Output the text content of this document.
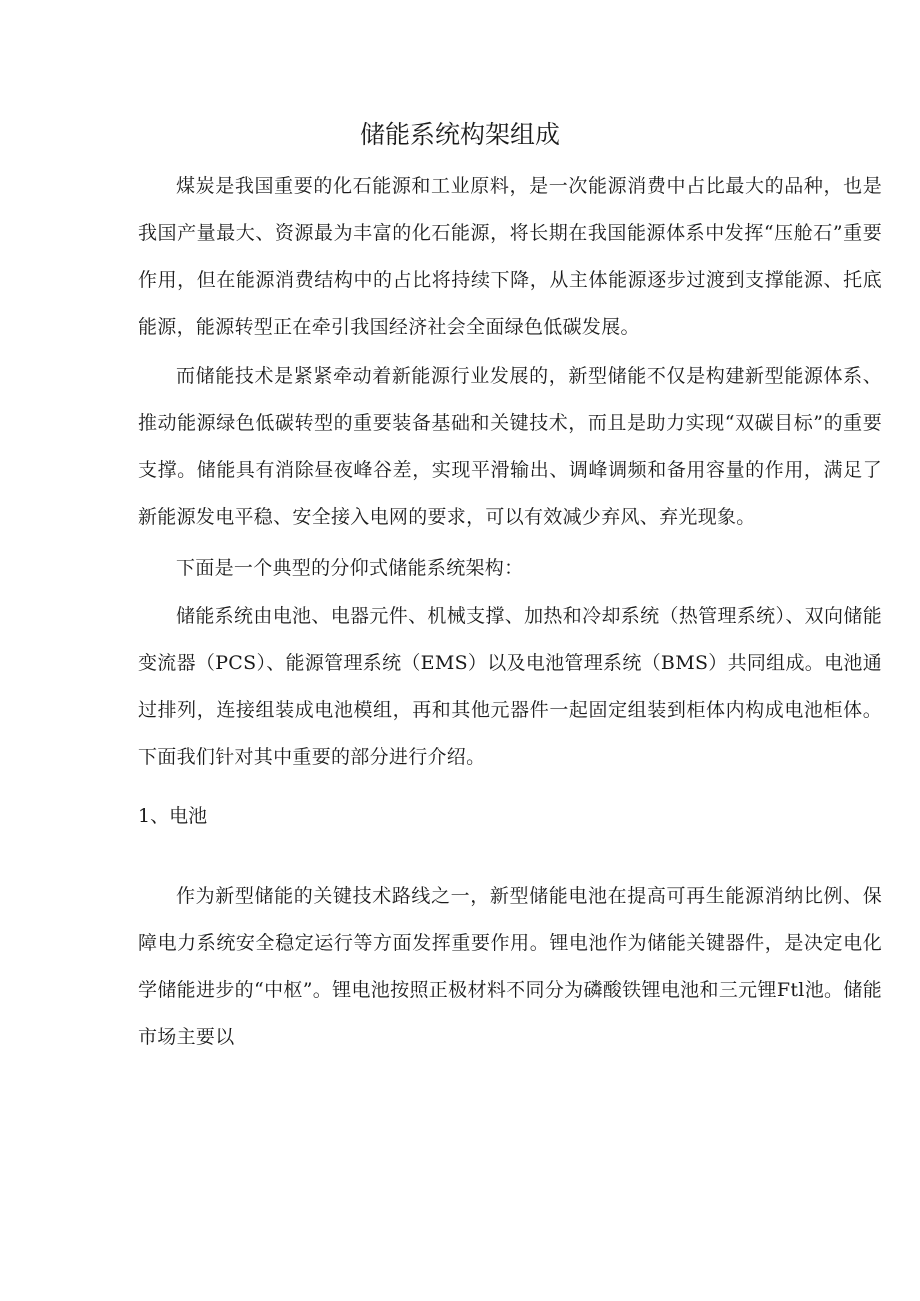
储能系统构架组成

煤炭是我国重要的化石能源和工业原料，是一次能源消费中占比最大的品种，也是我国产量最大、资源最为丰富的化石能源，将长期在我国能源体系中发挥“压舱石”重要作用，但在能源消费结构中的占比将持续下降，从主体能源逐步过渡到支撑能源、托底能源，能源转型正在牵引我国经济社会全面绿色低碳发展。

而储能技术是紧紧牵动着新能源行业发展的，新型储能不仅是构建新型能源体系、推动能源绿色低碳转型的重要装备基础和关键技术，而且是助力实现“双碳目标”的重要支撑。储能具有消除昼夜峰谷差，实现平滑输出、调峰调频和备用容量的作用，满足了新能源发电平稳、安全接入电网的要求，可以有效减少弃风、弃光现象。

下面是一个典型的分仰式储能系统架构：

储能系统由电池、电器元件、机械支撑、加热和冷却系统（热管理系统）、双向储能变流器（PCS）、能源管理系统（EMS）以及电池管理系统（BMS）共同组成。电池通过排列，连接组装成电池模组，再和其他元器件一起固定组装到柜体内构成电池柜体。下面我们针对其中重要的部分进行介绍。

1、电池

作为新型储能的关键技术路线之一，新型储能电池在提高可再生能源消纳比例、保障电力系统安全稳定运行等方面发挥重要作用。锂电池作为储能关键器件，是决定电化学储能进步的“中枢”。锂电池按照正极材料不同分为磷酸铁锂电池和三元锂Ftl池。储能市场主要以
